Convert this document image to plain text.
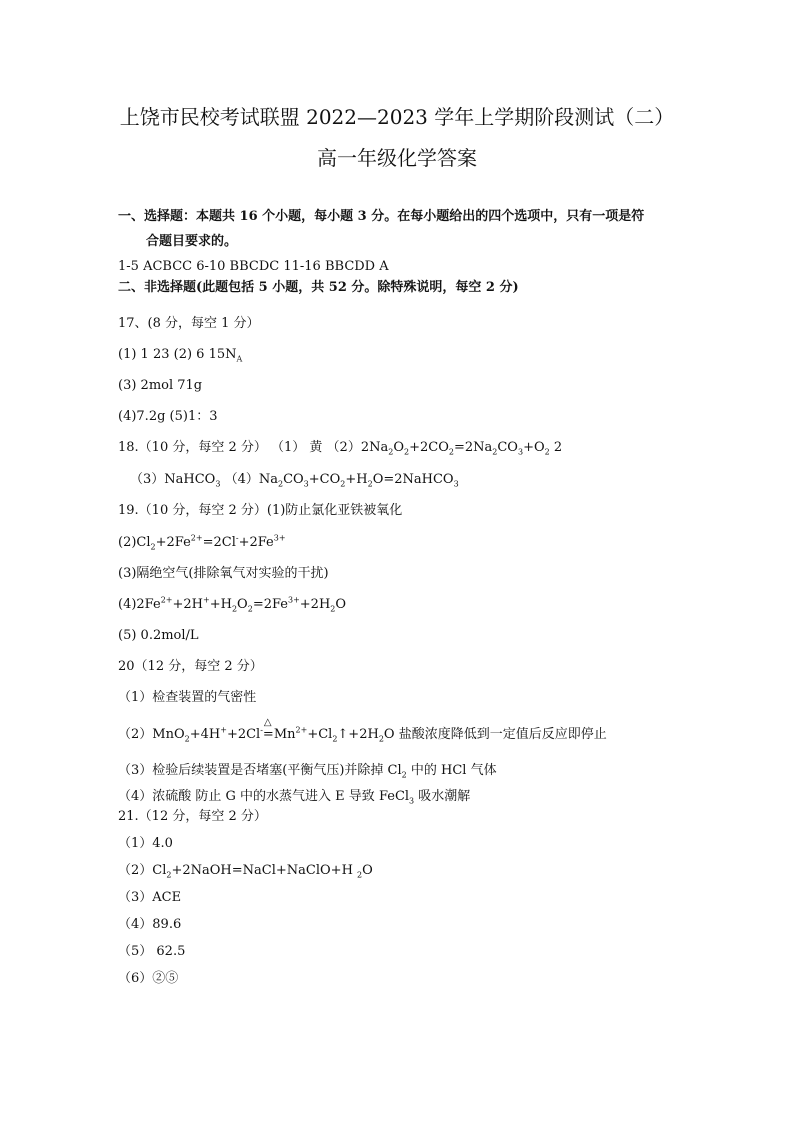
上饶市民校考试联盟 2022—2023 学年上学期阶段测试（二）
高一年级化学答案
一、选择题：本题共 16 个小题，每小题 3 分。在每小题给出的四个选项中，只有一项是符
合题目要求的。
1-5 ACBCC 6-10 BBCDC 11-16 BBCDD A
二、非选择题(此题包括 5 小题，共 52 分。除特殊说明，每空 2 分)
17、(8 分，每空 1 分）
(1) 1 23 (2) 6 $15N_A$
(3) 2mol 71g
(4)7.2g (5)1：3
18.（10 分，每空 2 分） （1） 黄 $(2)2Na_2O_2+2CO_2=2Na_2CO_3+O_2$ 2
（3）NaHCO$_3$ $(4)Na_2CO_3+CO_2+H_2O=2NaHCO_3$
19.（10 分，每空 2 分）(1)防止氯化亚铁被氧化
$(2)Cl_2+2Fe^{2+}=2Cl^-+2Fe^{3+}$
(3)隔绝空气(排除氧气对实验的干扰)
$(4)2Fe^{2+}+2H^++H_2O_2=2Fe^{3+}+2H_2O$
(5) 0.2mol/L
20（12 分，每空 2 分）
（1）检查装置的气密性
（2）MnO$_2$+4H++2Cl-
△
$=Mn^{2+}+Cl_2↑+2H_2O$ 盐酸浓度降低到一定值后反应即停止
（3）检验后续装置是否堵塞(平衡气压)并除掉 $Cl_2$ 中的 HCl 气体
（4）浓硫酸 防止 G 中的水蒸气进入 E 导致 FeCl$_3$ 吸水潮解
21.（12 分，每空 2 分）
（1）4.0
$(2)Cl_2+2NaOH=NaCl+NaClO+H$ $_2$O
（3）ACE
（4）89.6
（5） 62.5
（6）②⑤
